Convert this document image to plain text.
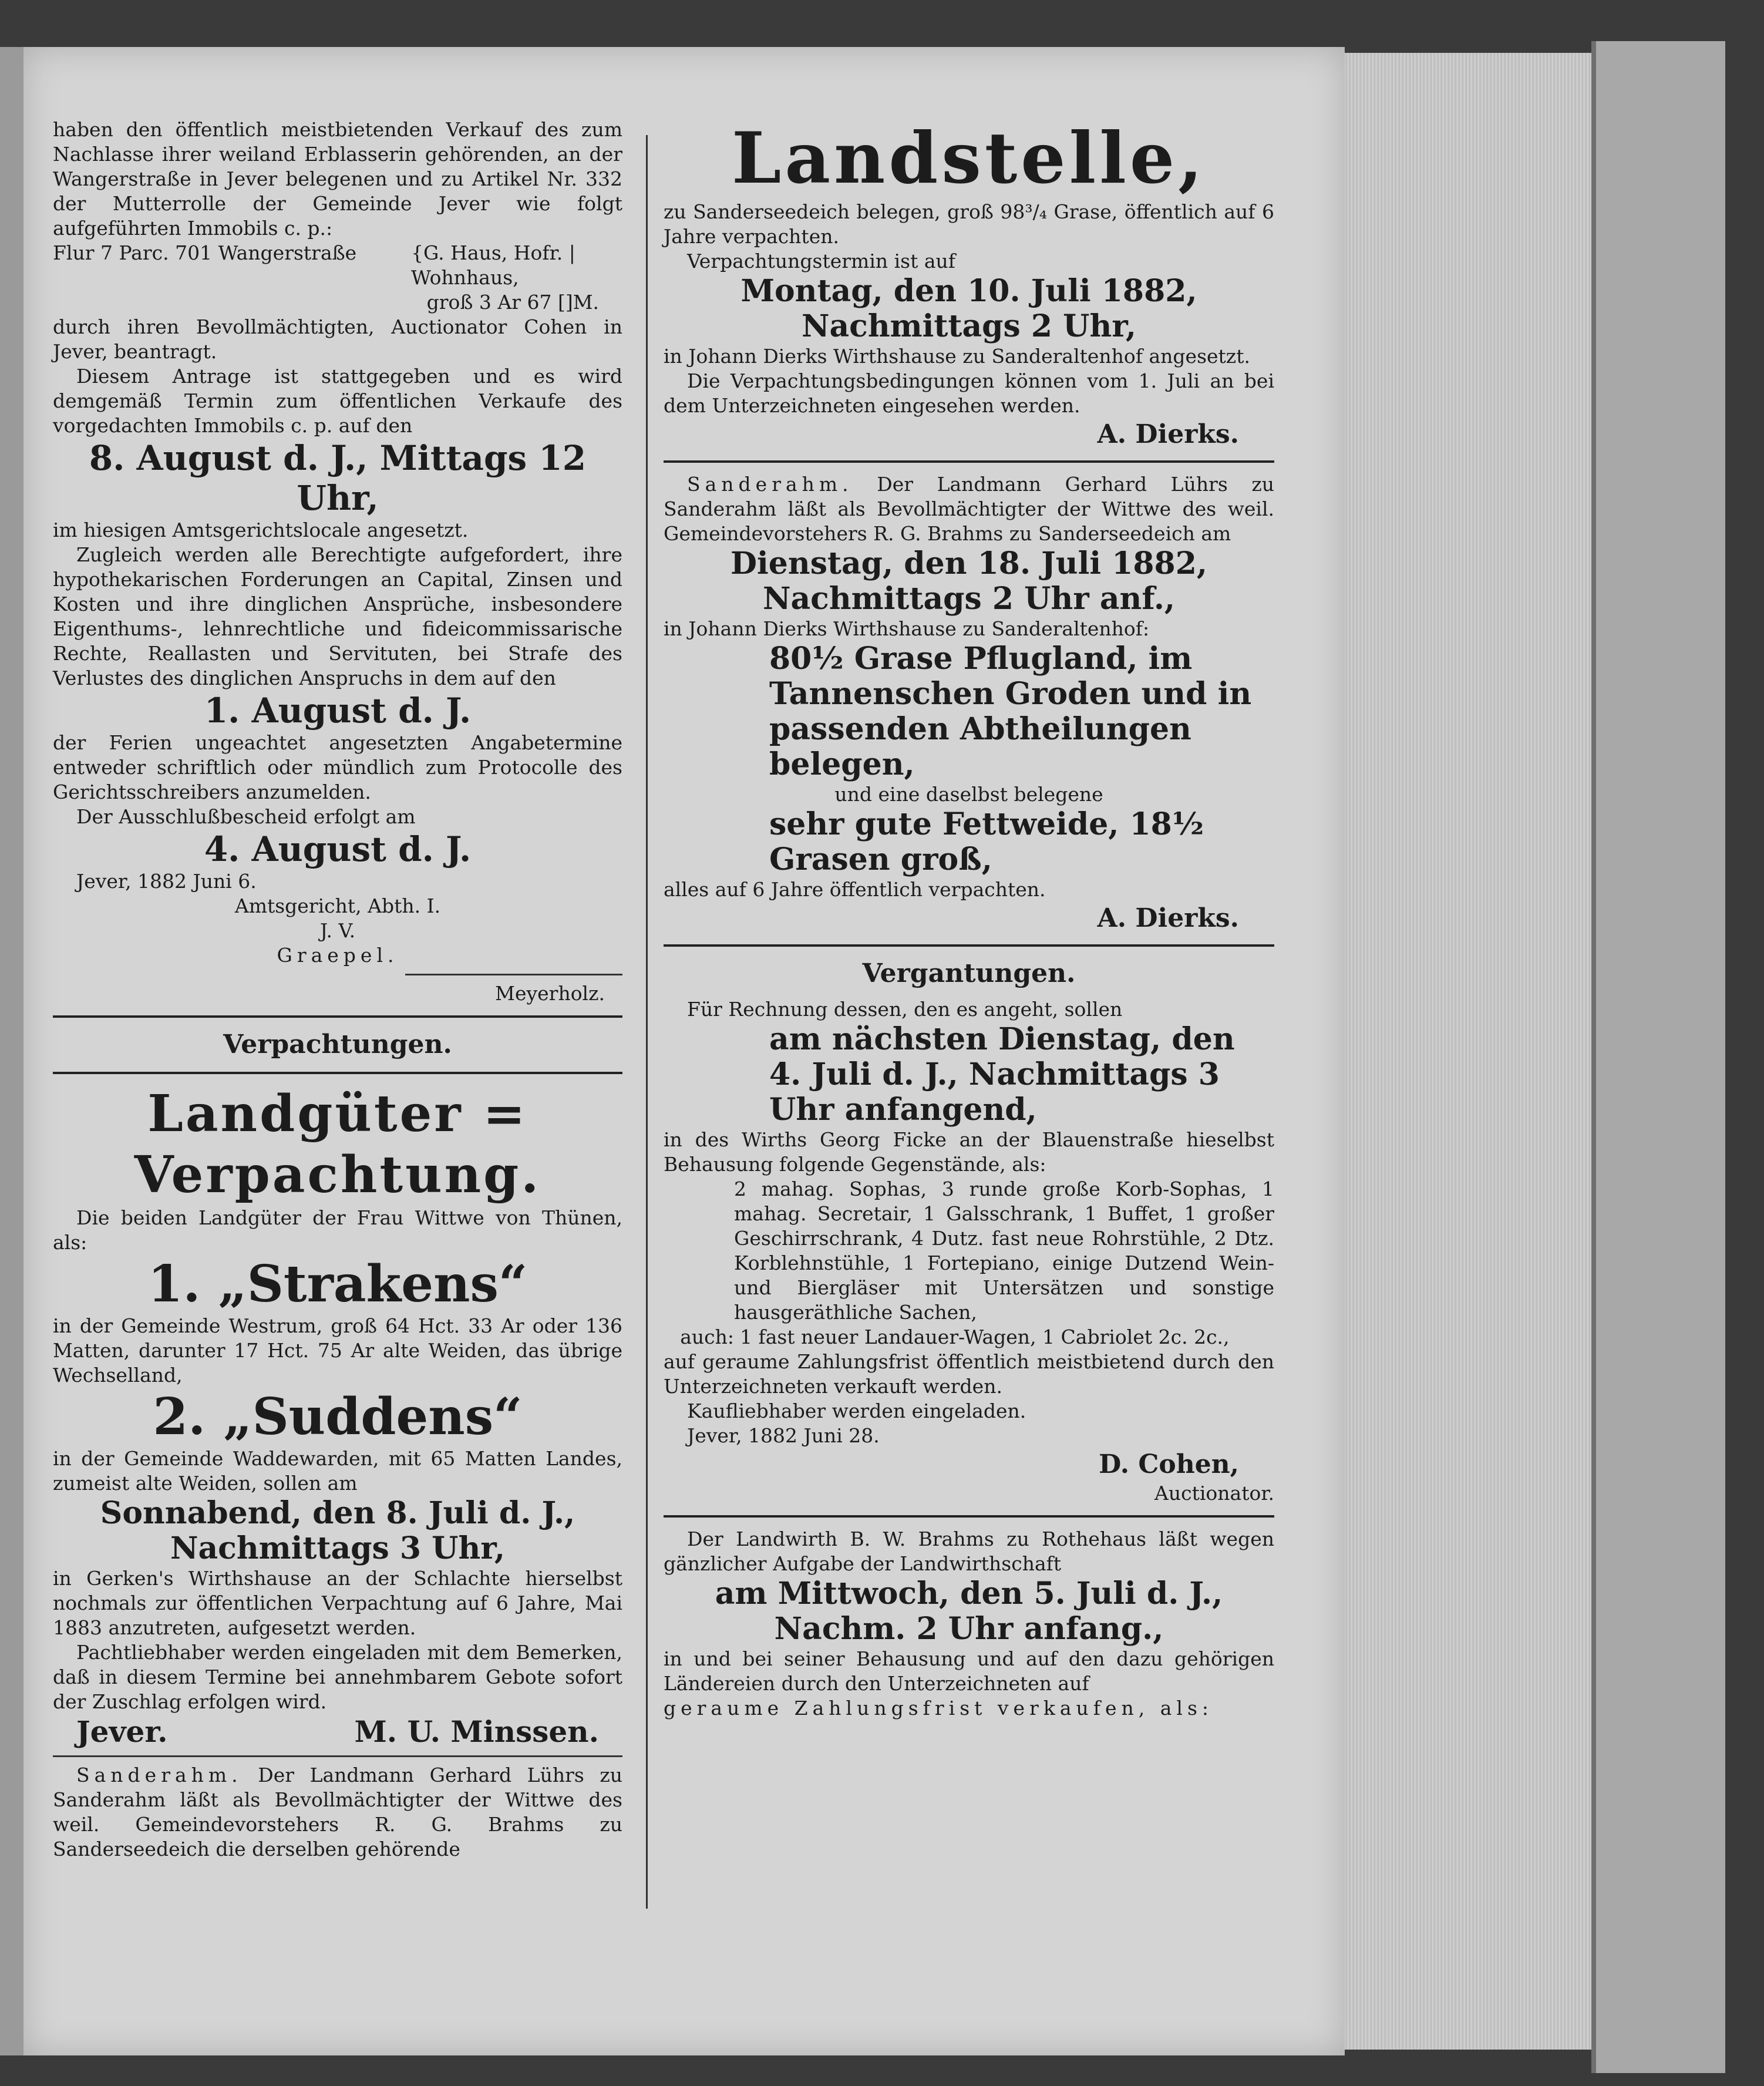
haben den öffentlich meistbietenden Verkauf des zum Nachlasse ihrer weiland Erblasserin gehörenden, an der Wangerstraße in Jever belegenen und zu Artikel Nr. 332 der Mutterrolle der Gemeinde Jever wie folgt aufgeführten Immobils c. p.:

Flur 7 Parc. 701 Wangerstraße	{G. Haus, Hofr. | Wohnhaus,
groß 3 Ar 67 []M.

durch ihren Bevollmächtigten, Auctionator Cohen in Jever, beantragt.

Diesem Antrage ist stattgegeben und es wird demgemäß Termin zum öffentlichen Verkaufe des vorgedachten Immobils c. p. auf den

8. August d. J., Mittags 12 Uhr,

im hiesigen Amtsgerichtslocale angesetzt.

Zugleich werden alle Berechtigte aufgefordert, ihre hypothekarischen Forderungen an Capital, Zinsen und Kosten und ihre dinglichen Ansprüche, insbesondere Eigenthums-, lehnrechtliche und fideicommissarische Rechte, Reallasten und Servituten, bei Strafe des Verlustes des dinglichen Anspruchs in dem auf den

1. August d. J.

der Ferien ungeachtet angesetzten Angabetermine entweder schriftlich oder mündlich zum Protocolle des Gerichtsschreibers anzumelden.

Der Ausschlußbescheid erfolgt am

4. August d. J.

Jever, 1882 Juni 6.

Amtsgericht, Abth. I.

J. V.

Graepel.

Meyerholz.

Verpachtungen.
Landgüter = Verpachtung.

Die beiden Landgüter der Frau Wittwe von Thünen, als:

1. „Strakens“

in der Gemeinde Westrum, groß 64 Hct. 33 Ar oder 136 Matten, darunter 17 Hct. 75 Ar alte Weiden, das übrige Wechselland,

2. „Suddens“

in der Gemeinde Waddewarden, mit 65 Matten Landes, zumeist alte Weiden, sollen am

Sonnabend, den 8. Juli d. J.,
Nachmittags 3 Uhr,

in Gerken's Wirthshause an der Schlachte hierselbst nochmals zur öffentlichen Verpachtung auf 6 Jahre, Mai 1883 anzutreten, aufgesetzt werden.

Pachtliebhaber werden eingeladen mit dem Bemerken, daß in diesem Termine bei annehmbarem Gebote sofort der Zuschlag erfolgen wird.

Jever.	M. U. Minssen.

Sanderahm. Der Landmann Gerhard Lührs zu Sanderahm läßt als Bevollmächtigter der Wittwe des weil. Gemeindevorstehers R. G. Brahms zu Sanderseedeich die derselben gehörende

Landstelle,

zu Sanderseedeich belegen, groß 98³/₄ Grase, öffentlich auf 6 Jahre verpachten.

Verpachtungstermin ist auf

Montag, den 10. Juli 1882,
Nachmittags 2 Uhr,

in Johann Dierks Wirthshause zu Sanderaltenhof angesetzt.

Die Verpachtungsbedingungen können vom 1. Juli an bei dem Unterzeichneten eingesehen werden.

A. Dierks.

Sanderahm. Der Landmann Gerhard Lührs zu Sanderahm läßt als Bevollmächtigter der Wittwe des weil. Gemeindevorstehers R. G. Brahms zu Sanderseedeich am

Dienstag, den 18. Juli 1882,
Nachmittags 2 Uhr anf.,

in Johann Dierks Wirthshause zu Sanderaltenhof:

80½ Grase Pflugland, im Tannenschen Groden und in passenden Abtheilungen belegen,

und eine daselbst belegene

sehr gute Fettweide, 18½ Grasen groß,

alles auf 6 Jahre öffentlich verpachten.

A. Dierks.
Vergantungen.

Für Rechnung dessen, den es angeht, sollen

am nächsten Dienstag, den 4. Juli d. J., Nachmittags 3 Uhr anfangend,

in des Wirths Georg Ficke an der Blauenstraße hieselbst Behausung folgende Gegenstände, als:

2 mahag. Sophas, 3 runde große Korb-Sophas, 1 mahag. Secretair, 1 Galsschrank, 1 Buffet, 1 großer Geschirrschrank, 4 Dutz. fast neue Rohrstühle, 2 Dtz. Korblehnstühle, 1 Fortepiano, einige Dutzend Wein- und Biergläser mit Untersätzen und sonstige hausgeräthliche Sachen,

auch: 1 fast neuer Landauer-Wagen, 1 Cabriolet 2c. 2c.,

auf geraume Zahlungsfrist öffentlich meistbietend durch den Unterzeichneten verkauft werden.

Kaufliebhaber werden eingeladen.

Jever, 1882 Juni 28.

D. Cohen,

Auctionator.

Der Landwirth B. W. Brahms zu Rothehaus läßt wegen gänzlicher Aufgabe der Landwirthschaft

am Mittwoch, den 5. Juli d. J.,
Nachm. 2 Uhr anfang.,

in und bei seiner Behausung und auf den dazu gehörigen Ländereien durch den Unterzeichneten auf

geraume Zahlungsfrist verkaufen, als:
